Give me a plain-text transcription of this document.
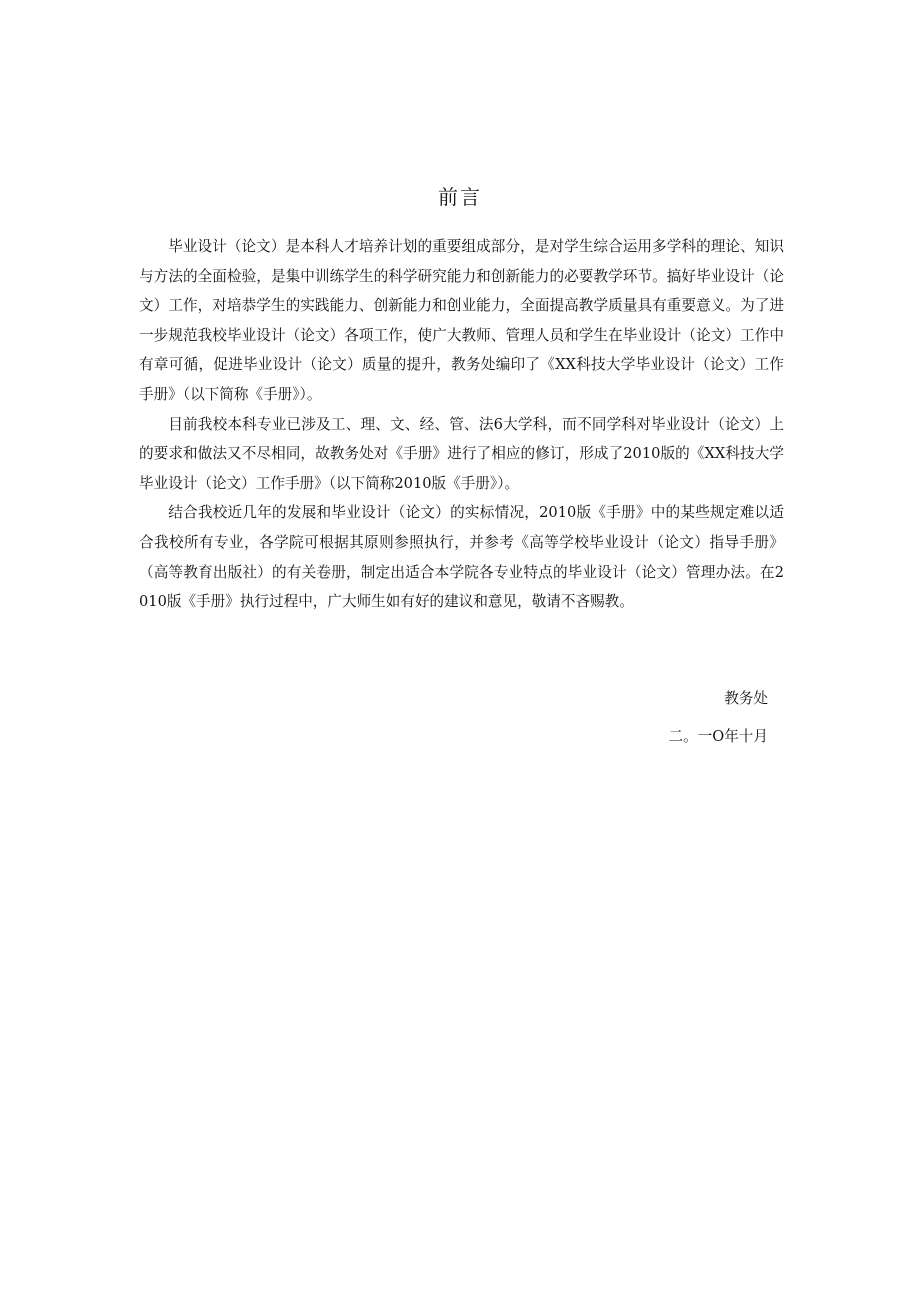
前言

毕业设计（论文）是本科人才培养计划的重要组成部分，是对学生综合运用多学科的理论、知识与方法的全面检验，是集中训练学生的科学研究能力和创新能力的必要教学环节。搞好毕业设计（论文）工作，对培恭学生的实践能力、创新能力和创业能力，全面提高教学质量具有重要意义。为了进一步规范我校毕业设计（论文）各项工作，使广大教师、管理人员和学生在毕业设计（论文）工作中有章可循，促进毕业设计（论文）质量的提升，教务处编印了《XX科技大学毕业设计（论文）工作手册》（以下简称《手册》）。

目前我校本科专业已涉及工、理、文、经、管、法6大学科，而不同学科对毕业设计（论文）上的要求和做法又不尽相同，故教务处对《手册》进行了相应的修订，形成了2010版的《XX科技大学毕业设计（论文）工作手册》（以下简称2010版《手册》）。

结合我校近几年的发展和毕业设计（论文）的实标情况，2010版《手册》中的某些规定难以适合我校所有专业，各学院可根据其原则参照执行，并参考《高等学校毕业设计（论文）指导手册》（高等教育出版社）的有关卷册，制定出适合本学院各专业特点的毕业设计（论文）管理办法。在2010版《手册》执行过程中，广大师生如有好的建议和意见，敬请不吝赐教。

教务处
二。一O年十月
